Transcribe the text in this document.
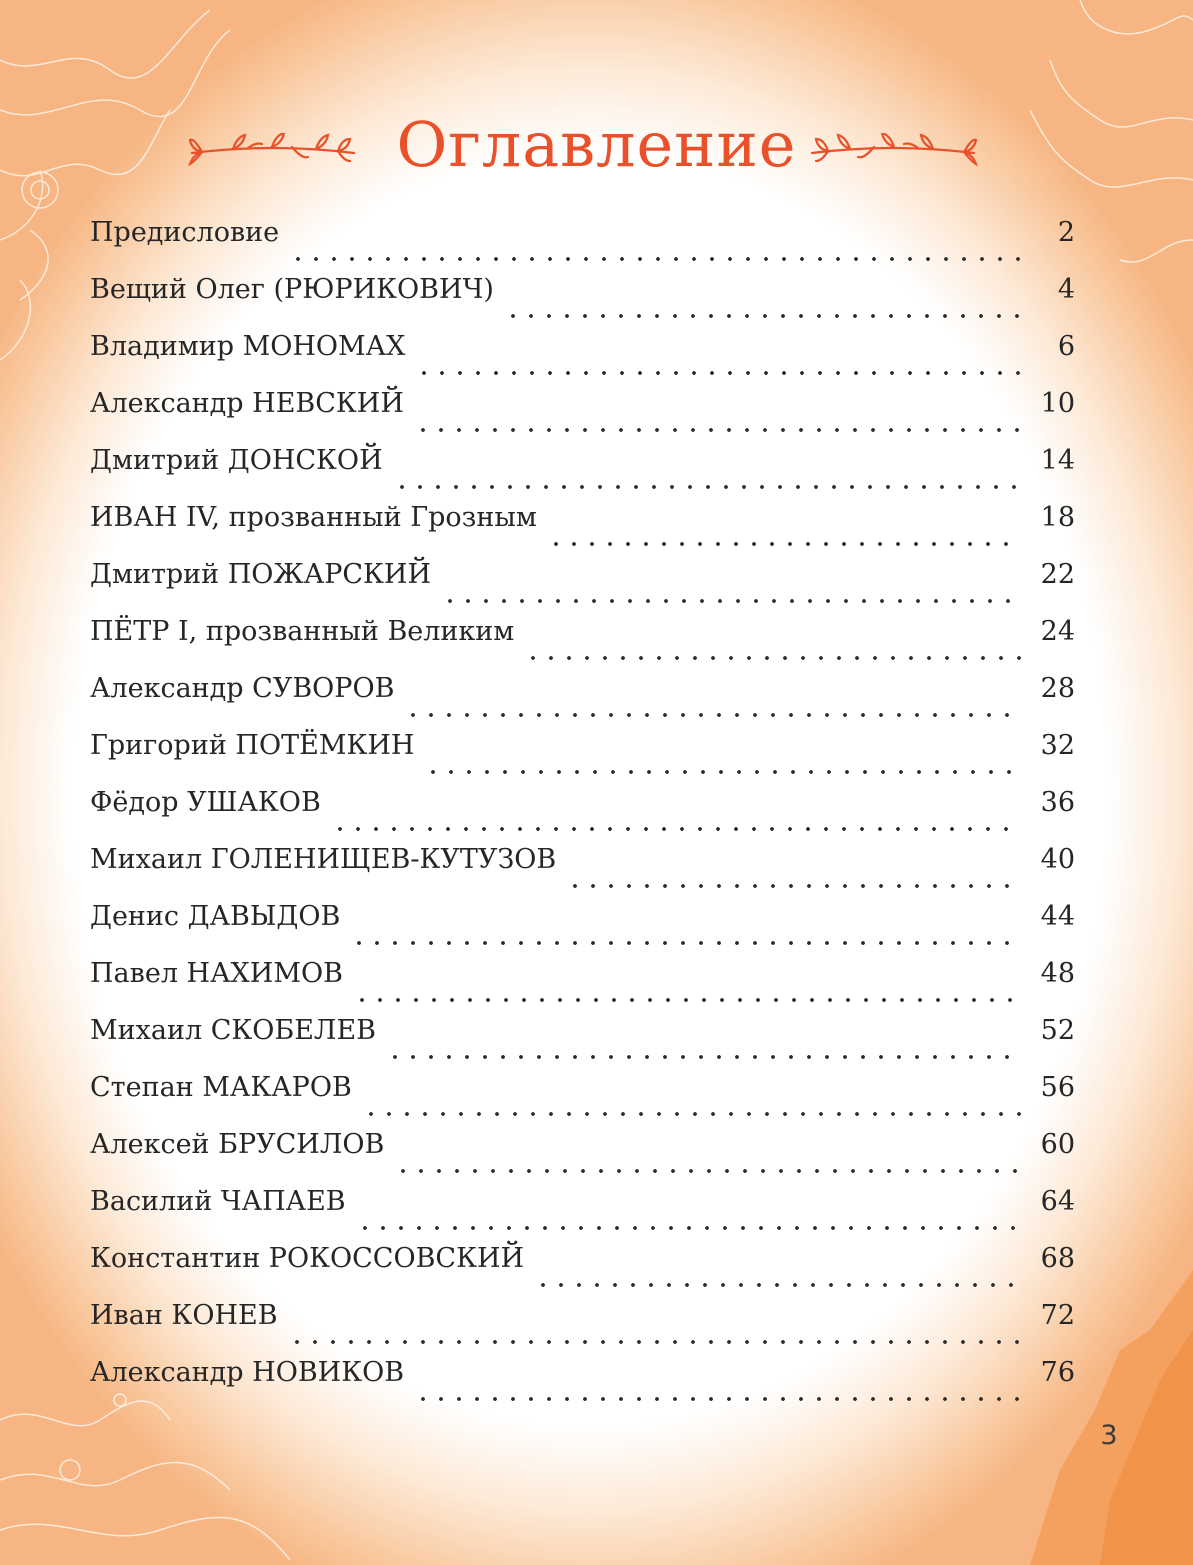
Оглавление
Предисловие	2
Вещий Олег (РЮРИКОВИЧ)	4
Владимир МОНОМАХ	6
Александр НЕВСКИЙ	10
Дмитрий ДОНСКОЙ	14
ИВАН IV, прозванный Грозным	18
Дмитрий ПОЖАРСКИЙ	22
ПЁТР I, прозванный Великим	24
Александр СУВОРОВ	28
Григорий ПОТЁМКИН	32
Фёдор УШАКОВ	36
Михаил ГОЛЕНИЩЕВ-КУТУЗОВ	40
Денис ДАВЫДОВ	44
Павел НАХИМОВ	48
Михаил СКОБЕЛЕВ	52
Степан МАКАРОВ	56
Алексей БРУСИЛОВ	60
Василий ЧАПАЕВ	64
Константин РОКОССОВСКИЙ	68
Иван КОНЕВ	72
Александр НОВИКОВ	76
3
